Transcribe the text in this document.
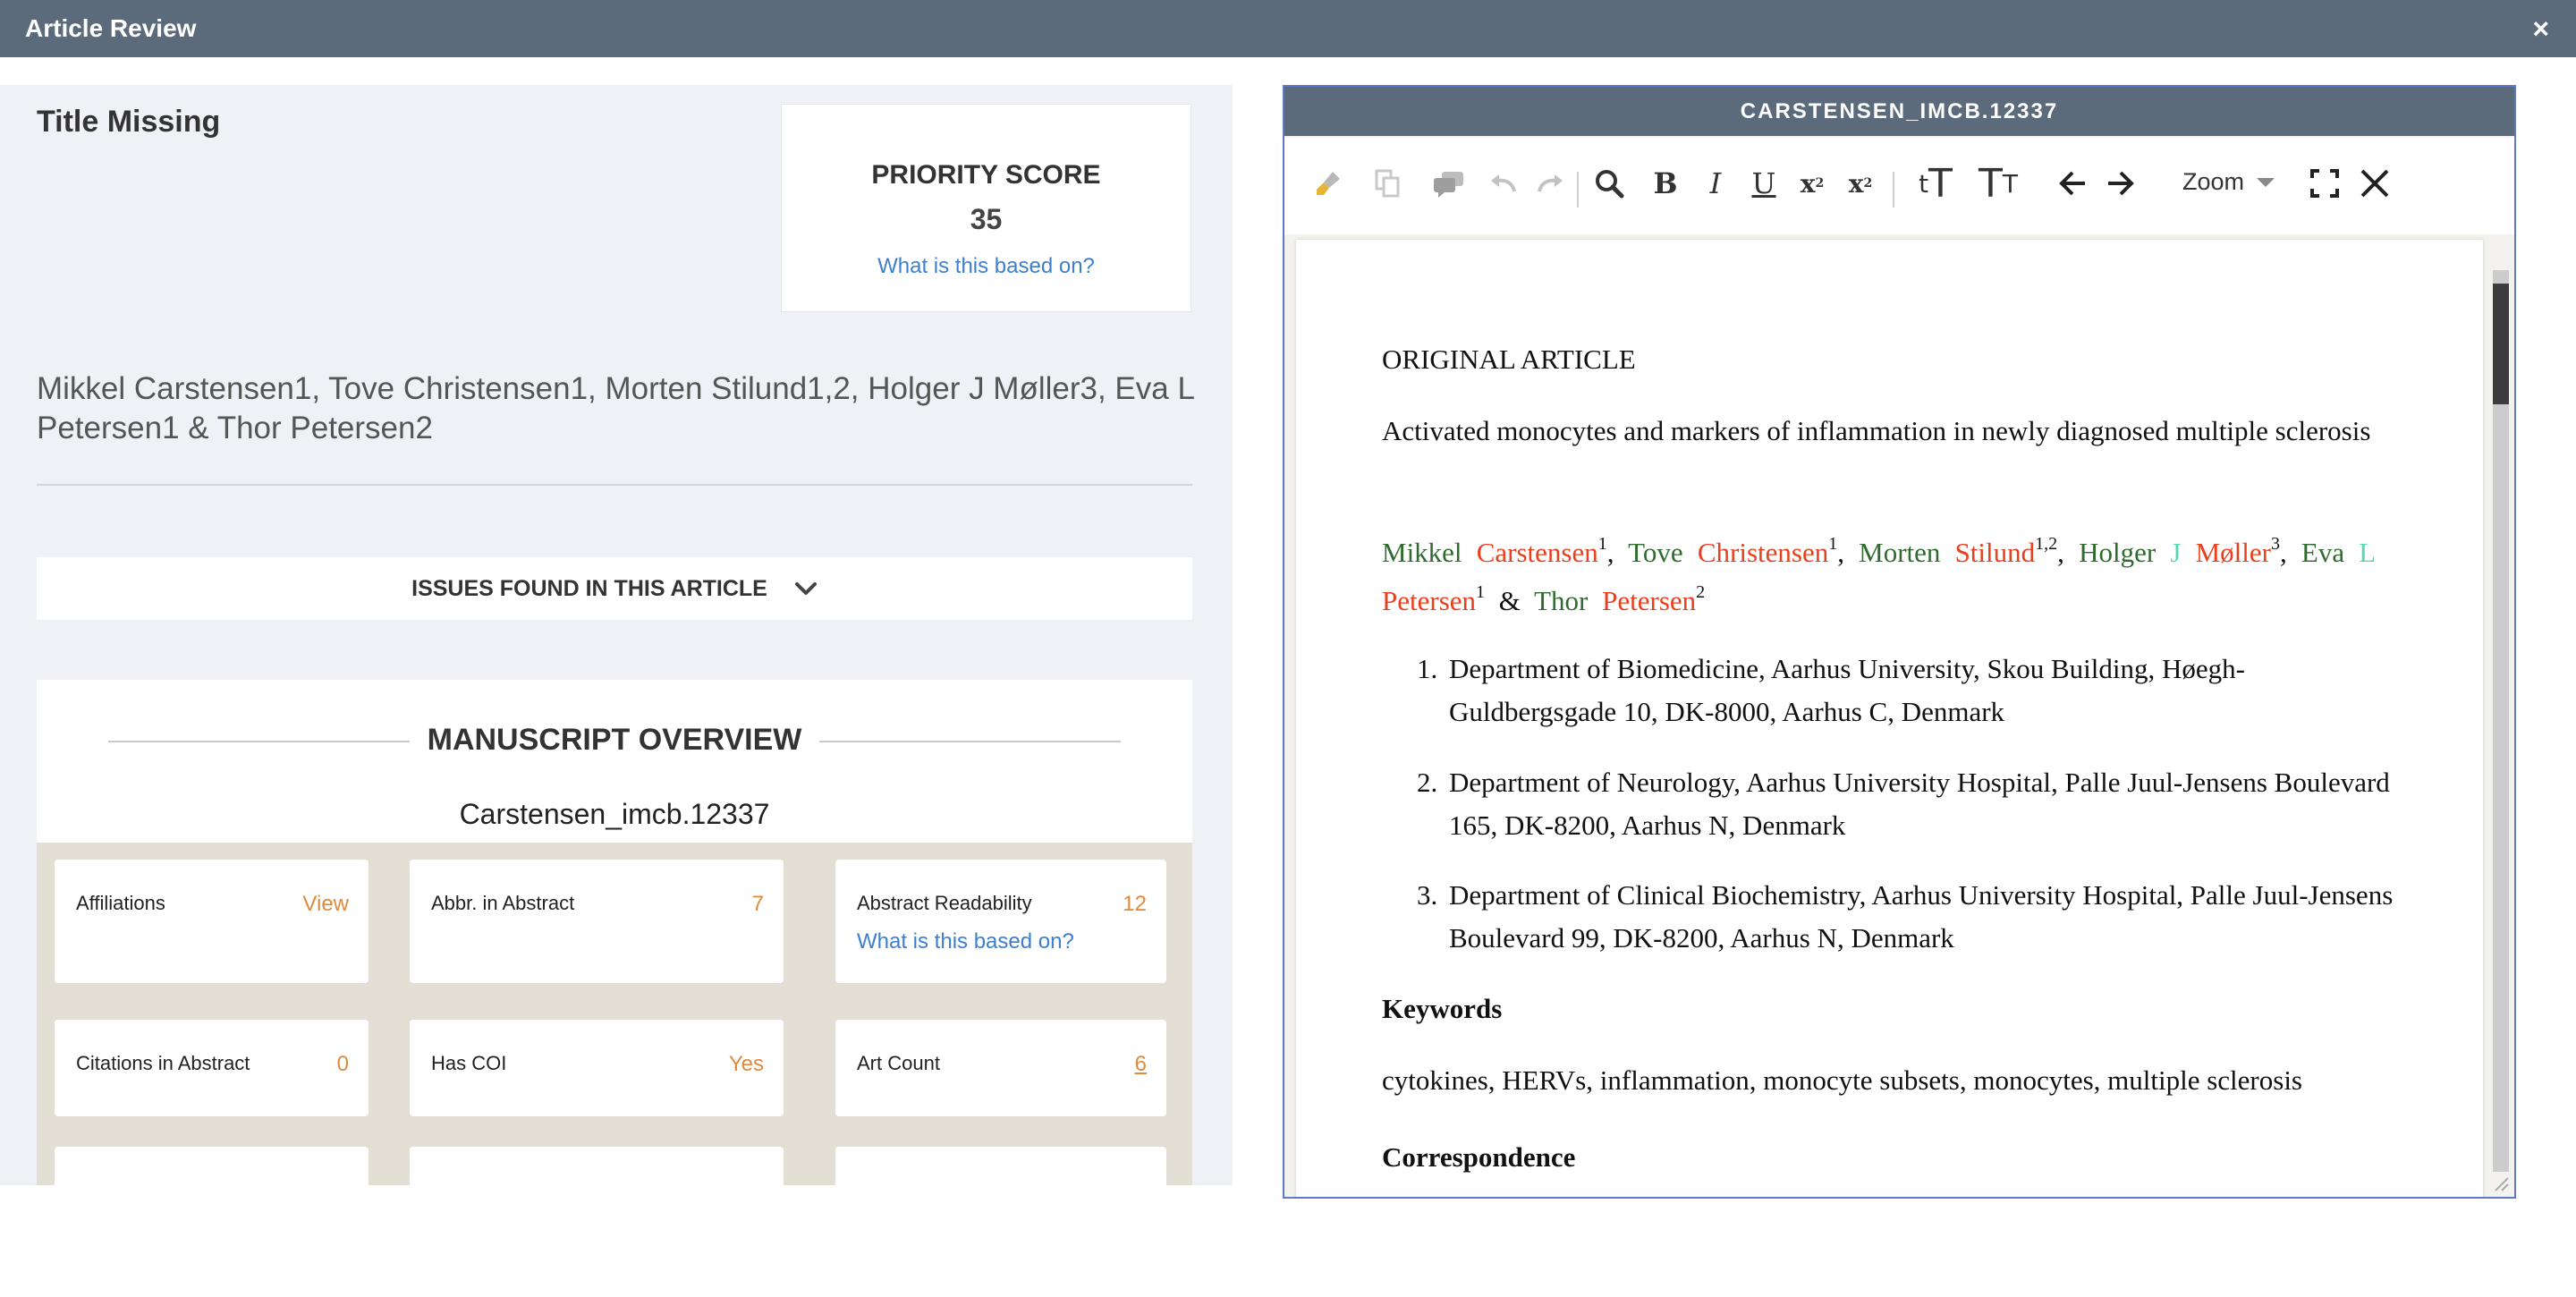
Article Review	×
Title Missing
PRIORITY SCORE
35
What is this based on?
Mikkel Carstensen1, Tove Christensen1, Morten Stilund1,2, Holger J Møller3, Eva L Petersen1 & Thor Petersen2
ISSUES FOUND IN THIS ARTICLE
MANUSCRIPT OVERVIEW
Carstensen_imcb.12337
Affiliations	View	Abbr. in Abstract	7	Abstract Readability	12
What is this based on?
Citations in Abstract	0	Has COI	Yes	Art Count	6
CARSTENSEN_IMCB.12337
B	I	U x 2 x 2 t T T T	Zoom
ORIGINAL ARTICLE
Activated monocytes and markers of inflammation in newly diagnosed multiple sclerosis
Mikkel Carstensen$^1$, Tove Christensen$^1$, Morten Stilund$^{1,2}$, Holger J Møller$^3$, Eva L Petersen$^1$ & Thor Petersen$^2$
1. Department of Biomedicine, Aarhus University, Skou Building, Høegh-Guldbergsgade 10, DK-8000, Aarhus C, Denmark
2. Department of Neurology, Aarhus University Hospital, Palle Juul-Jensens Boulevard 165, DK-8200, Aarhus N, Denmark
3. Department of Clinical Biochemistry, Aarhus University Hospital, Palle Juul-Jensens Boulevard 99, DK-8200, Aarhus N, Denmark
Keywords
cytokines, HERVs, inflammation, monocyte subsets, monocytes, multiple sclerosis
Correspondence
